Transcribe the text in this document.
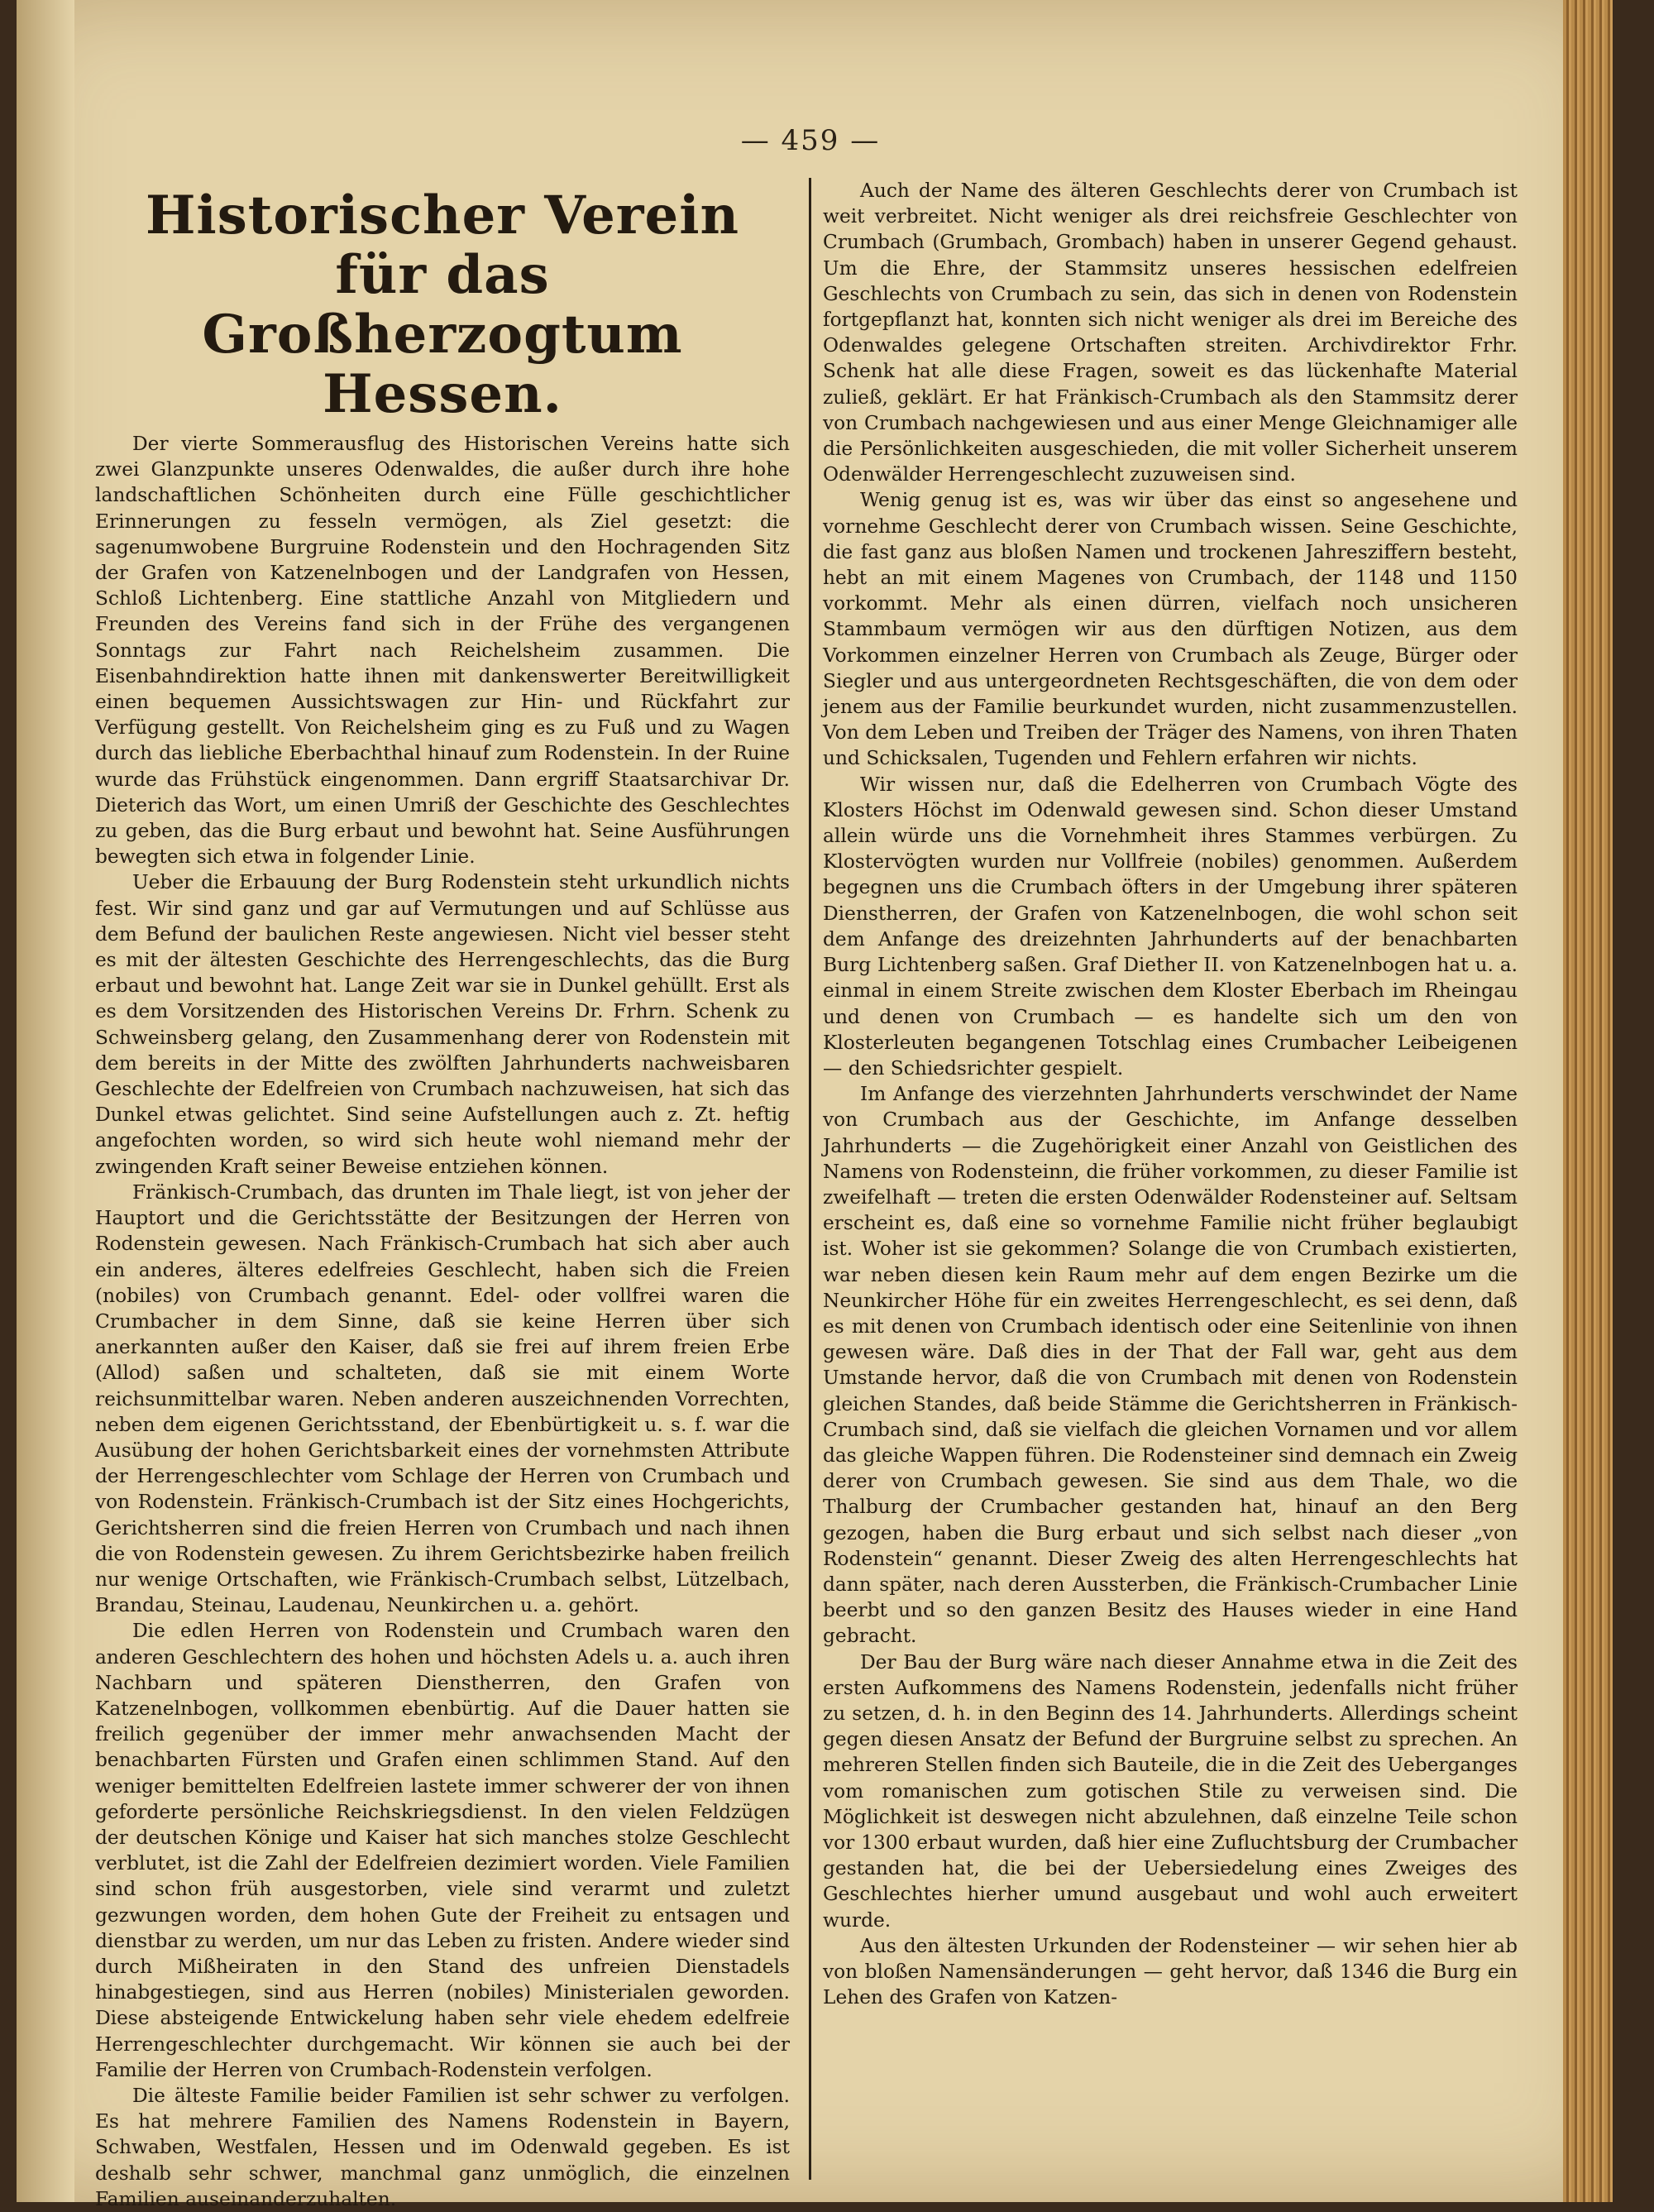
— 459 —
Historischer Verein
für das Großherzogtum Hessen.

Der vierte Sommerausflug des Historischen Vereins hatte sich zwei Glanzpunkte unseres Odenwaldes, die außer durch ihre hohe landschaftlichen Schönheiten durch eine Fülle geschichtlicher Erinnerungen zu fesseln vermögen, als Ziel gesetzt: die sagenumwobene Burgruine Rodenstein und den Hochragenden Sitz der Grafen von Katzenelnbogen und der Landgrafen von Hessen, Schloß Lichtenberg. Eine stattliche Anzahl von Mitgliedern und Freunden des Vereins fand sich in der Frühe des vergangenen Sonntags zur Fahrt nach Reichelsheim zusammen. Die Eisenbahndirektion hatte ihnen mit dankenswerter Bereitwilligkeit einen bequemen Aussichtswagen zur Hin- und Rückfahrt zur Verfügung gestellt. Von Reichelsheim ging es zu Fuß und zu Wagen durch das liebliche Eberbachthal hinauf zum Rodenstein. In der Ruine wurde das Frühstück eingenommen. Dann ergriff Staatsarchivar Dr. Dieterich das Wort, um einen Umriß der Geschichte des Geschlechtes zu geben, das die Burg erbaut und bewohnt hat. Seine Ausführungen bewegten sich etwa in folgender Linie.

Ueber die Erbauung der Burg Rodenstein steht urkundlich nichts fest. Wir sind ganz und gar auf Vermutungen und auf Schlüsse aus dem Befund der baulichen Reste angewiesen. Nicht viel besser steht es mit der ältesten Geschichte des Herrengeschlechts, das die Burg erbaut und bewohnt hat. Lange Zeit war sie in Dunkel gehüllt. Erst als es dem Vorsitzenden des Historischen Vereins Dr. Frhrn. Schenk zu Schweinsberg gelang, den Zusammenhang derer von Rodenstein mit dem bereits in der Mitte des zwölften Jahrhunderts nachweisbaren Geschlechte der Edelfreien von Crumbach nachzuweisen, hat sich das Dunkel etwas gelichtet. Sind seine Aufstellungen auch z. Zt. heftig angefochten worden, so wird sich heute wohl niemand mehr der zwingenden Kraft seiner Beweise entziehen können.

Fränkisch-Crumbach, das drunten im Thale liegt, ist von jeher der Hauptort und die Gerichtsstätte der Besitzungen der Herren von Rodenstein gewesen. Nach Fränkisch-Crumbach hat sich aber auch ein anderes, älteres edelfreies Geschlecht, haben sich die Freien (nobiles) von Crumbach genannt. Edel- oder vollfrei waren die Crumbacher in dem Sinne, daß sie keine Herren über sich anerkannten außer den Kaiser, daß sie frei auf ihrem freien Erbe (Allod) saßen und schalteten, daß sie mit einem Worte reichsunmittelbar waren. Neben anderen auszeichnenden Vorrechten, neben dem eigenen Gerichtsstand, der Ebenbürtigkeit u. s. f. war die Ausübung der hohen Gerichtsbarkeit eines der vornehmsten Attribute der Herrengeschlechter vom Schlage der Herren von Crumbach und von Rodenstein. Fränkisch-Crumbach ist der Sitz eines Hochgerichts, Gerichtsherren sind die freien Herren von Crumbach und nach ihnen die von Rodenstein gewesen. Zu ihrem Gerichtsbezirke haben freilich nur wenige Ortschaften, wie Fränkisch-Crumbach selbst, Lützelbach, Brandau, Steinau, Laudenau, Neunkirchen u. a. gehört.

Die edlen Herren von Rodenstein und Crumbach waren den anderen Geschlechtern des hohen und höchsten Adels u. a. auch ihren Nachbarn und späteren Dienstherren, den Grafen von Katzenelnbogen, vollkommen ebenbürtig. Auf die Dauer hatten sie freilich gegenüber der immer mehr anwachsenden Macht der benachbarten Fürsten und Grafen einen schlimmen Stand. Auf den weniger bemittelten Edelfreien lastete immer schwerer der von ihnen geforderte persönliche Reichskriegsdienst. In den vielen Feldzügen der deutschen Könige und Kaiser hat sich manches stolze Geschlecht verblutet, ist die Zahl der Edelfreien dezimiert worden. Viele Familien sind schon früh ausgestorben, viele sind verarmt und zuletzt gezwungen worden, dem hohen Gute der Freiheit zu entsagen und dienstbar zu werden, um nur das Leben zu fristen. Andere wieder sind durch Mißheiraten in den Stand des unfreien Dienstadels hinabgestiegen, sind aus Herren (nobiles) Ministerialen geworden. Diese absteigende Entwickelung haben sehr viele ehedem edelfreie Herrengeschlechter durchgemacht. Wir können sie auch bei der Familie der Herren von Crumbach-Rodenstein verfolgen.

Die älteste Familie beider Familien ist sehr schwer zu verfolgen. Es hat mehrere Familien des Namens Rodenstein in Bayern, Schwaben, Westfalen, Hessen und im Odenwald gegeben. Es ist deshalb sehr schwer, manchmal ganz unmöglich, die einzelnen Familien auseinanderzuhalten.

Auch der Name des älteren Geschlechts derer von Crumbach ist weit verbreitet. Nicht weniger als drei reichsfreie Geschlechter von Crumbach (Grumbach, Grombach) haben in unserer Gegend gehaust. Um die Ehre, der Stammsitz unseres hessischen edelfreien Geschlechts von Crumbach zu sein, das sich in denen von Rodenstein fortgepflanzt hat, konnten sich nicht weniger als drei im Bereiche des Odenwaldes gelegene Ortschaften streiten. Archivdirektor Frhr. Schenk hat alle diese Fragen, soweit es das lückenhafte Material zuließ, geklärt. Er hat Fränkisch-Crumbach als den Stammsitz derer von Crumbach nachgewiesen und aus einer Menge Gleichnamiger alle die Persönlichkeiten ausgeschieden, die mit voller Sicherheit unserem Odenwälder Herrengeschlecht zuzuweisen sind.

Wenig genug ist es, was wir über das einst so angesehene und vornehme Geschlecht derer von Crumbach wissen. Seine Geschichte, die fast ganz aus bloßen Namen und trockenen Jahresziffern besteht, hebt an mit einem Magenes von Crumbach, der 1148 und 1150 vorkommt. Mehr als einen dürren, vielfach noch unsicheren Stammbaum vermögen wir aus den dürftigen Notizen, aus dem Vorkommen einzelner Herren von Crumbach als Zeuge, Bürger oder Siegler und aus untergeordneten Rechtsgeschäften, die von dem oder jenem aus der Familie beurkundet wurden, nicht zusammenzustellen. Von dem Leben und Treiben der Träger des Namens, von ihren Thaten und Schicksalen, Tugenden und Fehlern erfahren wir nichts.

Wir wissen nur, daß die Edelherren von Crumbach Vögte des Klosters Höchst im Odenwald gewesen sind. Schon dieser Umstand allein würde uns die Vornehmheit ihres Stammes verbürgen. Zu Klostervögten wurden nur Vollfreie (nobiles) genommen. Außerdem begegnen uns die Crumbach öfters in der Umgebung ihrer späteren Dienstherren, der Grafen von Katzenelnbogen, die wohl schon seit dem Anfange des dreizehnten Jahrhunderts auf der benachbarten Burg Lichtenberg saßen. Graf Diether II. von Katzenelnbogen hat u. a. einmal in einem Streite zwischen dem Kloster Eberbach im Rheingau und denen von Crumbach — es handelte sich um den von Klosterleuten begangenen Totschlag eines Crumbacher Leibeigenen — den Schiedsrichter gespielt.

Im Anfange des vierzehnten Jahrhunderts verschwindet der Name von Crumbach aus der Geschichte, im Anfange desselben Jahrhunderts — die Zugehörigkeit einer Anzahl von Geistlichen des Namens von Rodensteinn, die früher vorkommen, zu dieser Familie ist zweifelhaft — treten die ersten Odenwälder Rodensteiner auf. Seltsam erscheint es, daß eine so vornehme Familie nicht früher beglaubigt ist. Woher ist sie gekommen? Solange die von Crumbach existierten, war neben diesen kein Raum mehr auf dem engen Bezirke um die Neunkircher Höhe für ein zweites Herrengeschlecht, es sei denn, daß es mit denen von Crumbach identisch oder eine Seitenlinie von ihnen gewesen wäre. Daß dies in der That der Fall war, geht aus dem Umstande hervor, daß die von Crumbach mit denen von Rodenstein gleichen Standes, daß beide Stämme die Gerichtsherren in Fränkisch-Crumbach sind, daß sie vielfach die gleichen Vornamen und vor allem das gleiche Wappen führen. Die Rodensteiner sind demnach ein Zweig derer von Crumbach gewesen. Sie sind aus dem Thale, wo die Thalburg der Crumbacher gestanden hat, hinauf an den Berg gezogen, haben die Burg erbaut und sich selbst nach dieser „von Rodenstein“ genannt. Dieser Zweig des alten Herrengeschlechts hat dann später, nach deren Aussterben, die Fränkisch-Crumbacher Linie beerbt und so den ganzen Besitz des Hauses wieder in eine Hand gebracht.

Der Bau der Burg wäre nach dieser Annahme etwa in die Zeit des ersten Aufkommens des Namens Rodenstein, jedenfalls nicht früher zu setzen, d. h. in den Beginn des 14. Jahrhunderts. Allerdings scheint gegen diesen Ansatz der Befund der Burgruine selbst zu sprechen. An mehreren Stellen finden sich Bauteile, die in die Zeit des Ueberganges vom romanischen zum gotischen Stile zu verweisen sind. Die Möglichkeit ist deswegen nicht abzulehnen, daß einzelne Teile schon vor 1300 erbaut wurden, daß hier eine Zufluchtsburg der Crumbacher gestanden hat, die bei der Uebersiedelung eines Zweiges des Geschlechtes hierher umund ausgebaut und wohl auch erweitert wurde.

Aus den ältesten Urkunden der Rodensteiner — wir sehen hier ab von bloßen Namensänderungen — geht hervor, daß 1346 die Burg ein Lehen des Grafen von Katzen-
